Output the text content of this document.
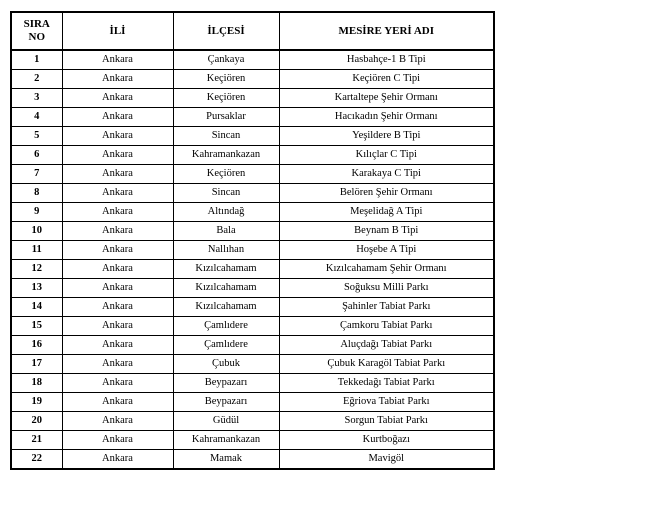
SIRA
NO	İLİ	İLÇESİ	MESİRE YERİ ADI
1	Ankara	Çankaya	Hasbahçe-1 B Tipi
2	Ankara	Keçiören	Keçiören C Tipi
3	Ankara	Keçiören	Kartaltepe Şehir Ormanı
4	Ankara	Pursaklar	Hacıkadın Şehir Ormanı
5	Ankara	Sincan	Yeşildere B Tipi
6	Ankara	Kahramankazan	Kılıçlar C Tipi
7	Ankara	Keçiören	Karakaya C Tipi
8	Ankara	Sincan	Belören Şehir Ormanı
9	Ankara	Altındağ	Meşelidağ A Tipi
10	Ankara	Bala	Beynam B Tipi
11	Ankara	Nallıhan	Hoşebe A Tipi
12	Ankara	Kızılcahamam	Kızılcahamam Şehir Ormanı
13	Ankara	Kızılcahamam	Soğuksu Milli Parkı
14	Ankara	Kızılcahamam	Şahinler Tabiat Parkı
15	Ankara	Çamlıdere	Çamkoru Tabiat Parkı
16	Ankara	Çamlıdere	Aluçdağı Tabiat Parkı
17	Ankara	Çubuk	Çubuk Karagöl Tabiat Parkı
18	Ankara	Beypazarı	Tekkedağı Tabiat Parkı
19	Ankara	Beypazarı	Eğriova Tabiat Parkı
20	Ankara	Güdül	Sorgun Tabiat Parkı
21	Ankara	Kahramankazan	Kurtboğazı
22	Ankara	Mamak	Mavigöl
